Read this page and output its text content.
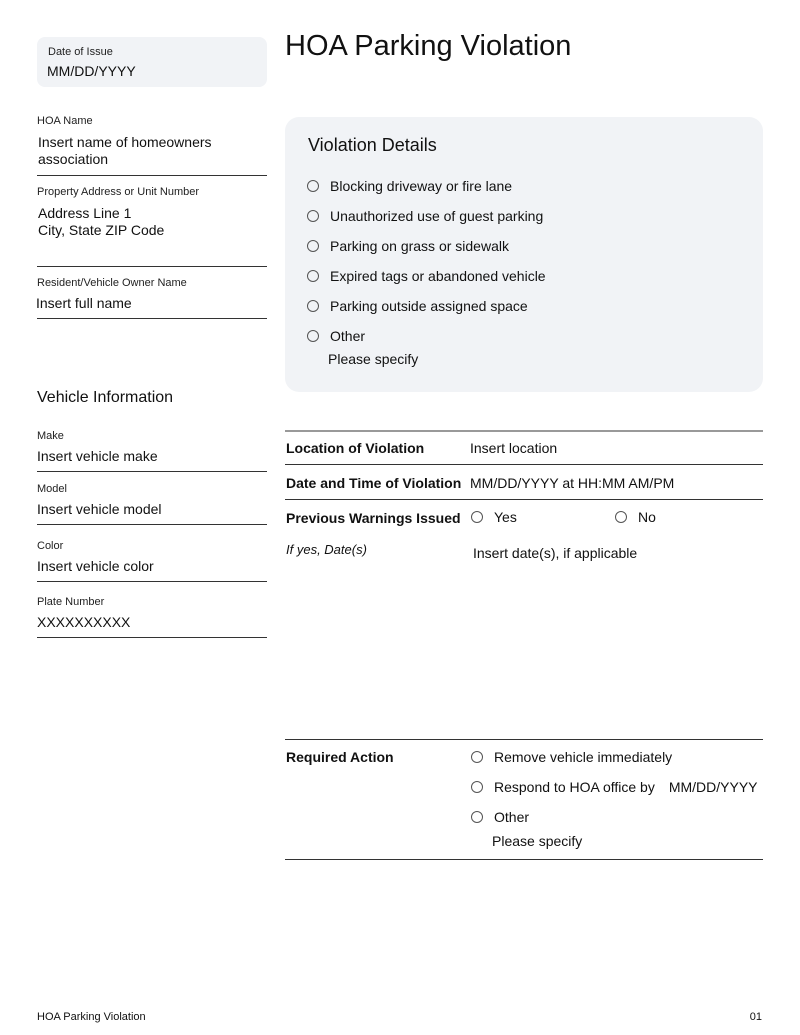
Date of Issue
MM/DD/YYYY
HOA Parking Violation
HOA Name
Insert name of homeowners
association
Property Address or Unit Number
Address Line 1
City, State ZIP Code
Resident/Vehicle Owner Name
Insert full name
Violation Details
Blocking driveway or fire lane
Unauthorized use of guest parking
Parking on grass or sidewalk
Expired tags or abandoned vehicle
Parking outside assigned space
Other
Please specify
Vehicle Information
Make
Insert vehicle make
Model
Insert vehicle model
Color
Insert vehicle color
Plate Number
XXXXXXXXXX
Location of Violation	Insert location
Date and Time of Violation MM/DD/YYYY at HH:MM AM/PM
Previous Warnings Issued Yes	No
If yes, Date(s)	Insert date(s), if applicable
Required Action	Remove vehicle immediately
Respond to HOA office by MM/DD/YYYY
Other
Please specify
HOA Parking Violation	01
